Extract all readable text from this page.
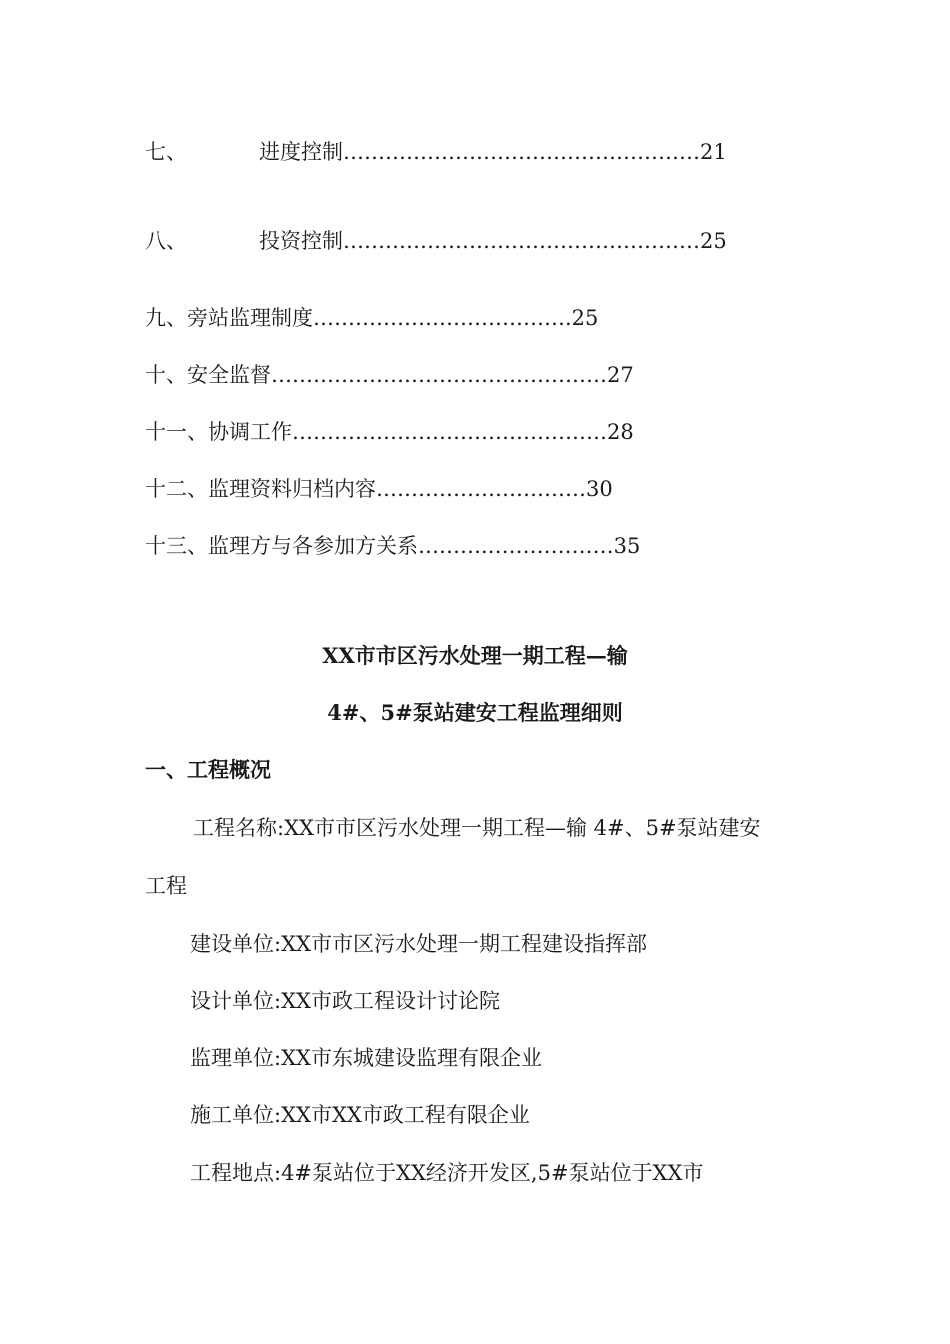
七、	进度控制……………………………………………21
八、	投资控制……………………………………………25
九、旁站监理制度……………………………….25
十、安全监督…………………………………………27
十一、协调工作………………………………………28
十二、监理资料归档内容…………………………30
十三、监理方与各参加方关系……….………………35
XX市市区污水处理一期工程—输
4#、5#泵站建安工程监理细则
一、工程概况
工程名称:XX市市区污水处理一期工程—输 4#、5#泵站建安
工程
建设单位:XX市市区污水处理一期工程建设指挥部
设计单位:XX市政工程设计讨论院
监理单位:XX市东城建设监理有限企业
施工单位:XX市XX市政工程有限企业
工程地点:4#泵站位于XX经济开发区,5#泵站位于XX市
